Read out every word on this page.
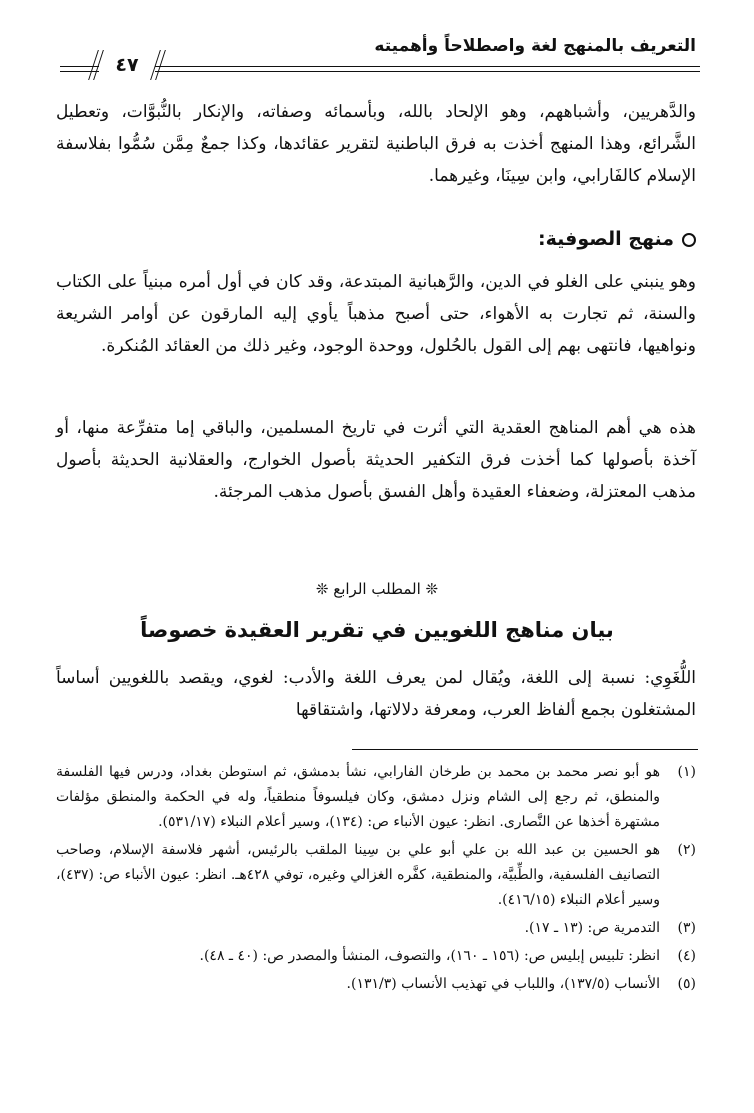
التعريف بالمنهج لغة واصطلاحاً وأهميته
٤٧
والدَّهريين، وأشباههم، وهو الإلحاد بالله، وبأسمائه وصفاته، والإنكار بالنُّبوَّات، وتعطيل الشَّرائع، وهذا المنهج أخذت به فرق الباطنية لتقرير عقائدها، وكذا جمعٌ مِمَّن سُمُّوا بفلاسفة الإسلام كالفَارابي، وابن سِينَا، وغيرهما.
منهج الصوفية:
وهو ينبني على الغلو في الدين، والرَّهبانية المبتدعة، وقد كان في أول أمره مبنياً على الكتاب والسنة، ثم تجارت به الأهواء، حتى أصبح مذهباً يأوي إليه المارقون عن أوامر الشريعة ونواهيها، فانتهى بهم إلى القول بالحُلول، ووحدة الوجود، وغير ذلك من العقائد المُنكرة.
هذه هي أهم المناهج العقدية التي أثرت في تاريخ المسلمين، والباقي إما متفرِّعة منها، أو آخذة بأصولها كما أخذت فرق التكفير الحديثة بأصول الخوارج، والعقلانية الحديثة بأصول مذهب المعتزلة، وضعفاء العقيدة وأهل الفسق بأصول مذهب المرجئة.
❊ المطلب الرابع ❊
بيان مناهج اللغويين في تقرير العقيدة خصوصاً
اللُّغَوِي: نسبة إلى اللغة، ويُقال لمن يعرف اللغة والأدب: لغوي، ويقصد باللغويين أساساً المشتغلون بجمع ألفاظ العرب، ومعرفة دلالاتها، واشتقاقها
(١)
هو أبو نصر محمد بن محمد بن طرخان الفارابي، نشأ بدمشق، ثم استوطن بغداد، ودرس فيها الفلسفة والمنطق، ثم رجع إلى الشام ونزل دمشق، وكان فيلسوفاً منطقياً، وله في الحكمة والمنطق مؤلفات مشتهرة أخذها عن النَّصارى. انظر: عيون الأنباء ص: (١٣٤)، وسير أعلام النبلاء (٥٣١/١٧).
(٢)
هو الحسين بن عبد الله بن علي أبو علي بن سِينا الملقب بالرئيس، أشهر فلاسفة الإسلام، وصاحب التصانيف الفلسفية، والطِّبيَّة، والمنطقية، كفَّره الغزالي وغيره، توفي ٤٢٨هـ. انظر: عيون الأنباء ص: (٤٣٧)، وسير أعلام النبلاء (٤١٦/١٥).
(٣)
التدمرية ص: (١٣ ـ ١٧).
(٤)
انظر: تلبيس إبليس ص: (١٥٦ ـ ١٦٠)، والتصوف، المنشأ والمصدر ص: (٤٠ ـ ٤٨).
(٥)
الأنساب (١٣٧/٥)، واللباب في تهذيب الأنساب (١٣١/٣).
